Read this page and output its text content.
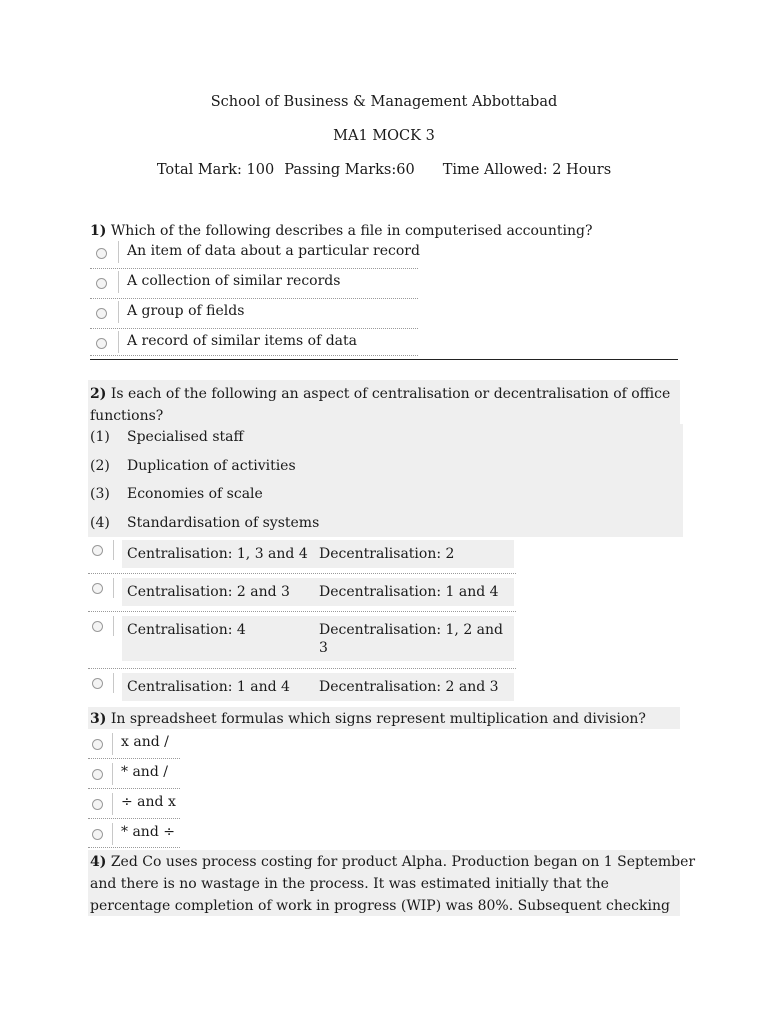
School of Business & Management Abbottabad
MA1 MOCK 3
Total Mark: 100 Passing Marks:60 Time Allowed: 2 Hours
1) Which of the following describes a file in computerised accounting?
An item of data about a particular record
A collection of similar records
A group of fields
A record of similar items of data
2) Is each of the following an aspect of centralisation or decentralisation of office
functions?
(1) Specialised staff
(2) Duplication of activities
(3) Economies of scale
(4) Standardisation of systems
Centralisation: 1, 3 and 4 Decentralisation: 2
Centralisation: 2 and 3 Decentralisation: 1 and 4
Centralisation: 4	Decentralisation: 1, 2 and
3
Centralisation: 1 and 4 Decentralisation: 2 and 3
3) In spreadsheet formulas which signs represent multiplication and division?
x and /
* and /
÷ and x
* and ÷
4) Zed Co uses process costing for product Alpha. Production began on 1 September
and there is no wastage in the process. It was estimated initially that the
percentage completion of work in progress (WIP) was 80%. Subsequent checking
